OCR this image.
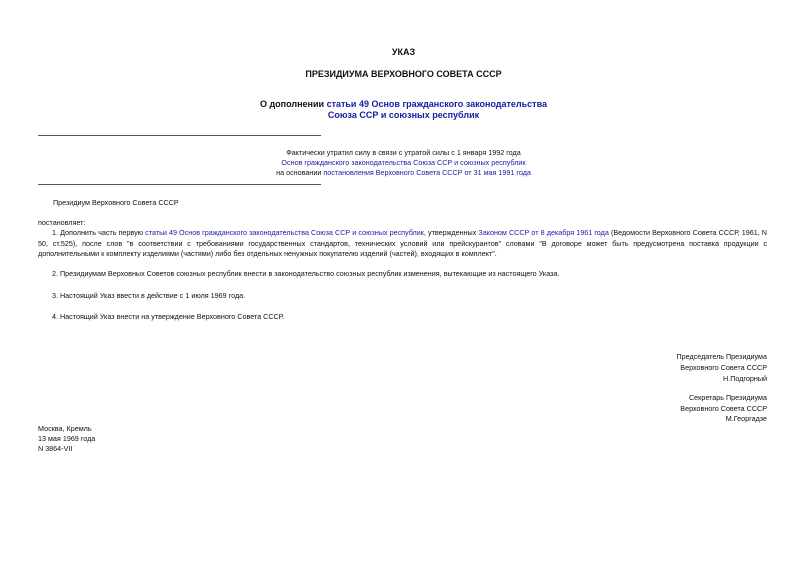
УКАЗ
ПРЕЗИДИУМА ВЕРХОВНОГО СОВЕТА СССР
О дополнении статьи 49 Основ гражданского законодательства
Союза ССР и союзных республик
Фактически утратил силу в связи с утратой силы с 1 января 1992 года
Основ гражданского законодательства Союза ССР и союзных республик
на основании постановления Верховного Совета СССР от 31 мая 1991 года
Президиум Верховного Совета СССР
постановляет:
1. Дополнить часть первую статьи 49 Основ гражданского законодательства Союза ССР и союзных республик, утвержденных Законом СССР от 8 декабря 1961 года (Ведомости Верховного Совета СССР, 1961, N 50, ст.525), после слов "в соответствии с требованиями государственных стандартов, технических условий или прейскурантов" словами "В договоре может быть предусмотрена поставка продукции с дополнительными к комплекту изделиями (частями) либо без отдельных ненужных покупателю изделий (частей), входящих в комплект".
2. Президиумам Верховных Советов союзных республик внести в законодательство союзных республик изменения, вытекающие из настоящего Указа.
3. Настоящий Указ ввести в действие с 1 июля 1969 года.
4. Настоящий Указ внести на утверждение Верховного Совета СССР.
Председатель Президиума
Верховного Совета СССР
Н.Подгорный
Секретарь Президиума
Верховного Совета СССР
М.Георгадзе
Москва, Кремль
13 мая 1969 года
N 3864-VII
